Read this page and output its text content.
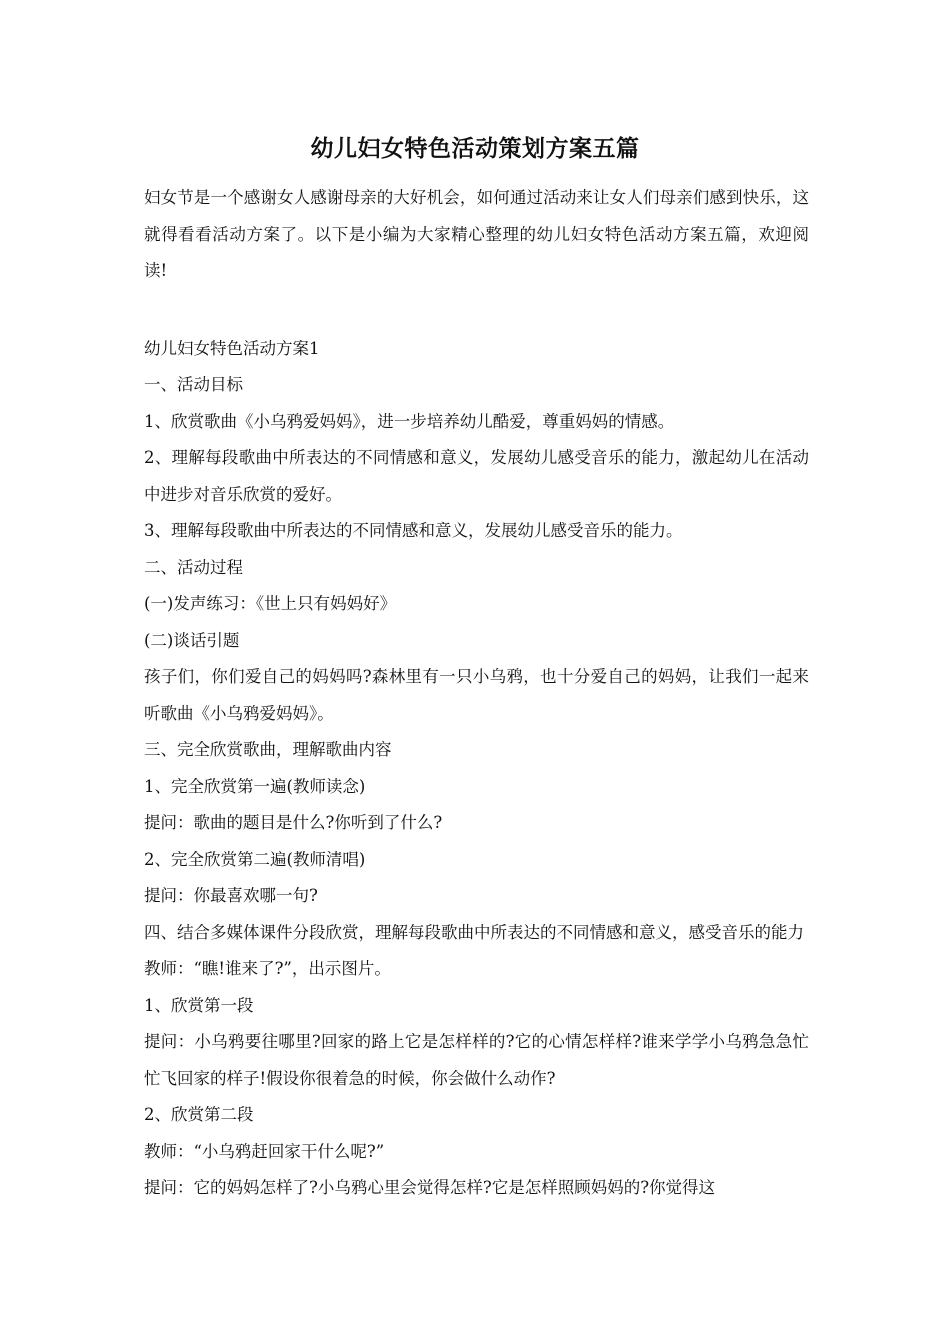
幼儿妇女特色活动策划方案五篇

妇女节是一个感谢女人感谢母亲的大好机会，如何通过活动来让女人们母亲们感到快乐，这就得看看活动方案了。以下是小编为大家精心整理的幼儿妇女特色活动方案五篇，欢迎阅读!

幼儿妇女特色活动方案1

一、活动目标

1、欣赏歌曲《小乌鸦爱妈妈》，进一步培养幼儿酷爱，尊重妈妈的情感。

2、理解每段歌曲中所表达的不同情感和意义，发展幼儿感受音乐的能力，激起幼儿在活动中进步对音乐欣赏的爱好。

3、理解每段歌曲中所表达的不同情感和意义，发展幼儿感受音乐的能力。

二、活动过程

(一)发声练习：《世上只有妈妈好》

(二)谈话引题

孩子们，你们爱自己的妈妈吗?森林里有一只小乌鸦，也十分爱自己的妈妈，让我们一起来听歌曲《小乌鸦爱妈妈》。

三、完全欣赏歌曲，理解歌曲内容

1、完全欣赏第一遍(教师读念)

提问：歌曲的题目是什么?你听到了什么?

2、完全欣赏第二遍(教师清唱)

提问：你最喜欢哪一句?

四、结合多媒体课件分段欣赏，理解每段歌曲中所表达的不同情感和意义，感受音乐的能力

教师：“瞧!谁来了?”，出示图片。

1、欣赏第一段

提问：小乌鸦要往哪里?回家的路上它是怎样样的?它的心情怎样样?谁来学学小乌鸦急急忙忙飞回家的样子!假设你很着急的时候，你会做什么动作?

2、欣赏第二段

教师：“小乌鸦赶回家干什么呢?”

提问：它的妈妈怎样了?小乌鸦心里会觉得怎样?它是怎样照顾妈妈的?你觉得这
